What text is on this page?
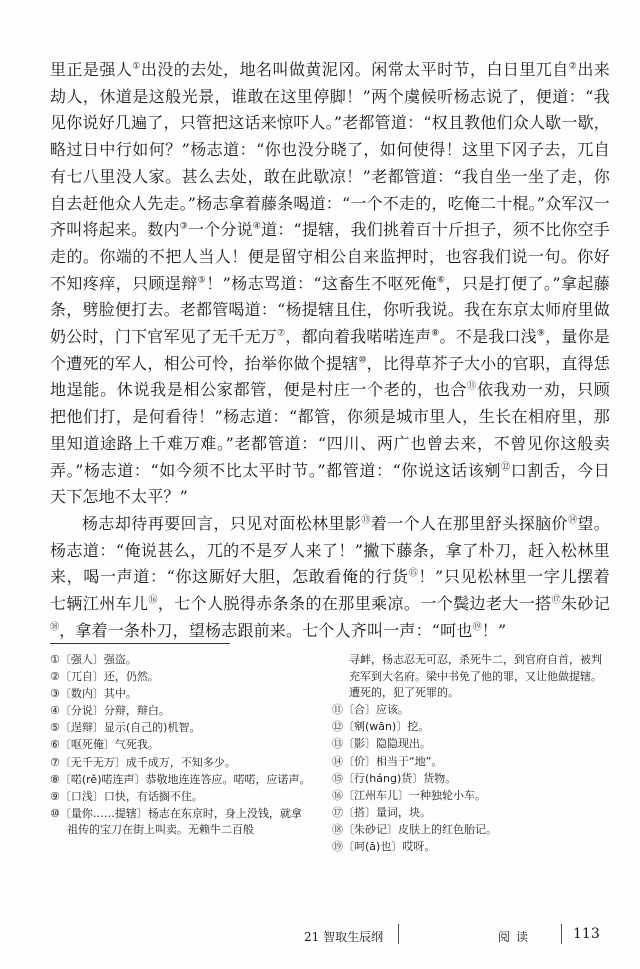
里正是强人①出没的去处，地名叫做黄泥冈。闲常太平时节，白日里兀自②出来劫人，休道是这般光景，谁敢在这里停脚！”两个虞候听杨志说了，便道：“我见你说好几遍了，只管把这话来惊吓人。”老都管道：“权且教他们众人歇一歇，略过日中行如何？”杨志道：“你也没分晓了，如何使得！这里下冈子去，兀自有七八里没人家。甚么去处，敢在此歇凉！”老都管道：“我自坐一坐了走，你自去赶他众人先走。”杨志拿着藤条喝道：“一个不走的，吃俺二十棍。”众军汉一齐叫将起来。数内③一个分说④道：“提辖，我们挑着百十斤担子，须不比你空手走的。你端的不把人当人！便是留守相公自来监押时，也容我们说一句。你好不知疼痒，只顾逞辩⑤！”杨志骂道：“这畜生不呕死俺⑥，只是打便了。”拿起藤条，劈脸便打去。老都管喝道：“杨提辖且住，你听我说。我在东京太师府里做奶公时，门下官军见了无千无万⑦，都向着我喏喏连声⑧。不是我口浅⑨，量你是个遭死的军人，相公可怜，抬举你做个提辖⑩，比得草芥子大小的官职，直得恁地逞能。休说我是相公家都管，便是村庄一个老的，也合⑪依我劝一劝，只顾把他们打，是何看待！”杨志道：“都管，你须是城市里人，生长在相府里，那里知道途路上千难万难。”老都管道：“四川、两广也曾去来，不曾见你这般卖弄。”杨志道：“如今须不比太平时节。”都管道：“你说这话该剜⑫口割舌，今日天下怎地不太平？”

杨志却待再要回言，只见对面松林里影⑬着一个人在那里舒头探脑价⑭望。杨志道：“俺说甚么，兀的不是歹人来了！”撇下藤条，拿了朴刀，赶入松林里来，喝一声道：“你这厮好大胆，怎敢看俺的行货⑮！”只见松林里一字儿摆着七辆江州车儿⑯，七个人脱得赤条条的在那里乘凉。一个鬓边老大一搭⑰朱砂记⑱，拿着一条朴刀，望杨志跟前来。七个人齐叫一声：“呵也⑲！”

①〔强人〕强盗。
②〔兀自〕还，仍然。
③〔数内〕其中。
④〔分说〕分辩，辩白。
⑤〔逞辩〕显示(自己的)机智。
⑥〔呕死俺〕气死我。
⑦〔无千无万〕成千成万，不知多少。
⑧〔喏(rě)喏连声〕恭敬地连连答应。喏喏，应诺声。
⑨〔口浅〕口快，有话搁不住。
⑩〔量你……提辖〕杨志在东京时，身上没钱，就拿祖传的宝刀在街上叫卖。无赖牛二百般
寻衅，杨志忍无可忍，杀死牛二，到官府自首，被判充军到大名府。梁中书免了他的罪，又让他做提辖。遭死的，犯了死罪的。
⑪〔合〕应该。
⑫〔剜(wān)〕挖。
⑬〔影〕隐隐现出。
⑭〔价〕相当于“地”。
⑮〔行(háng)货〕货物。
⑯〔江州车儿〕一种独轮小车。
⑰〔搭〕量词，块。
⑱〔朱砂记〕皮肤上的红色胎记。
⑲〔呵(ā)也〕哎呀。
21 智取生辰纲	阅读	113
